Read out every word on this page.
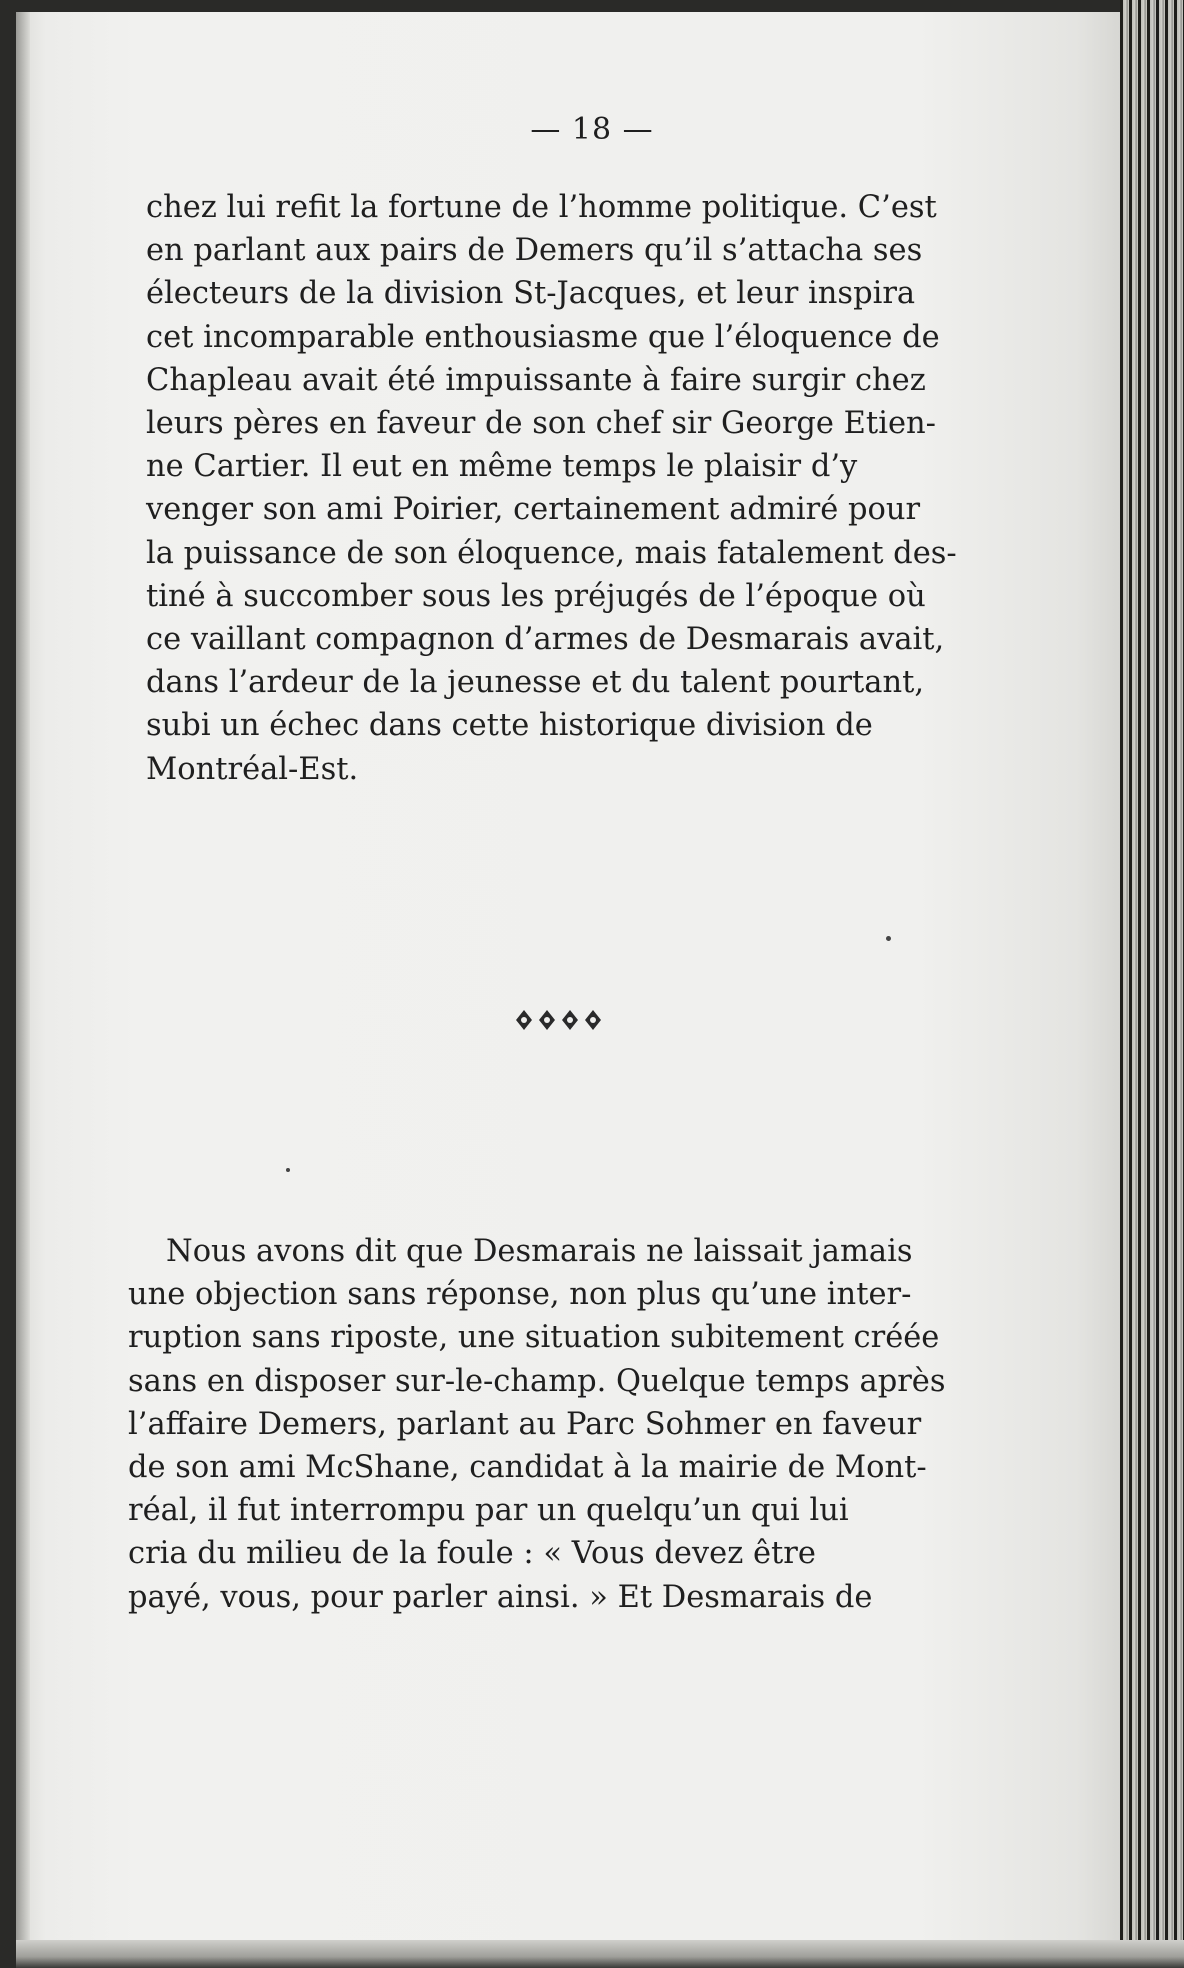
— 18 —
chez lui refit la fortune de l’homme politique. C’est
en parlant aux pairs de Demers qu’il s’attacha ses
électeurs de la division St-Jacques, et leur inspira
cet incomparable enthousiasme que l’éloquence de
Chapleau avait été impuissante à faire surgir chez
leurs pères en faveur de son chef sir George Etien-
ne Cartier. Il eut en même temps le plaisir d’y
venger son ami Poirier, certainement admiré pour
la puissance de son éloquence, mais fatalement des-
tiné à succomber sous les préjugés de l’époque où
ce vaillant compagnon d’armes de Desmarais avait,
dans l’ardeur de la jeunesse et du talent pourtant,
subi un échec dans cette historique division de
Montréal-Est.
Nous avons dit que Desmarais ne laissait jamais
une objection sans réponse, non plus qu’une inter-
ruption sans riposte, une situation subitement créée
sans en disposer sur-le-champ. Quelque temps après
l’affaire Demers, parlant au Parc Sohmer en faveur
de son ami McShane, candidat à la mairie de Mont-
réal, il fut interrompu par un quelqu’un qui lui
cria du milieu de la foule : « Vous devez être
payé, vous, pour parler ainsi. » Et Desmarais de
